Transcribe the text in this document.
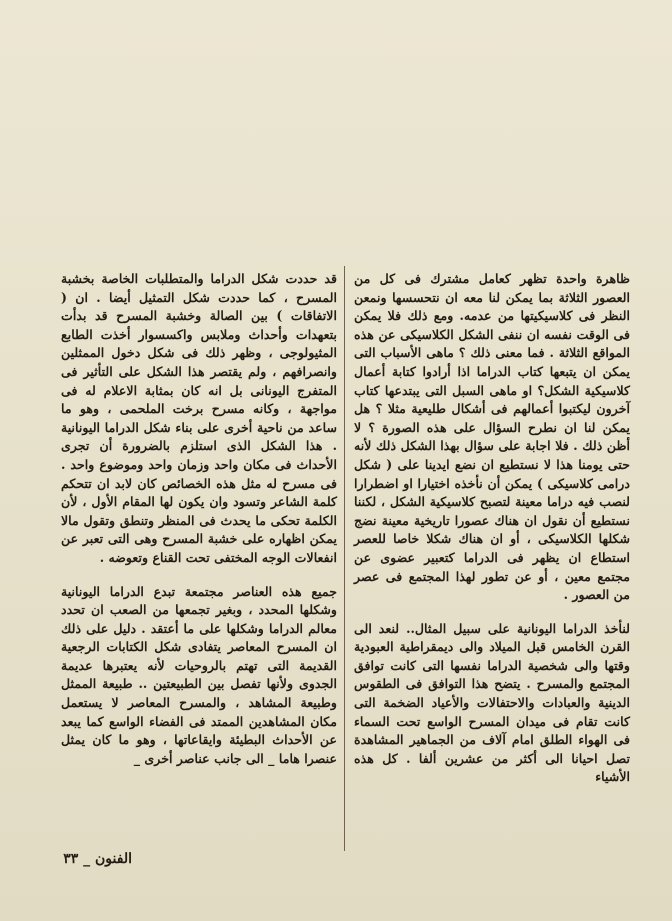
ظاهرة واحدة تظهر كعامل مشترك فى كل من العصور الثلاثة بما يمكن لنا معه ان نتحسسها ونمعن النظر فى كلاسيكيتها من عدمه. ومع ذلك فلا يمكن فى الوقت نفسه ان ننفى الشكل الكلاسيكى عن هذه المواقع الثلاثة . فما معنى ذلك ؟ ماهى الأسباب التى يمكن ان يتبعها كتاب الدراما اذا أرادوا كتابة أعمال كلاسيكية الشكل؟ او ماهى السبل التى يبتدعها كتاب آخرون ليكتبوا أعمالهم فى أشكال طليعية مثلا ؟ هل يمكن لنا ان نطرح السؤال على هذه الصورة ؟ لا أظن ذلك . فلا اجابة على سؤال بهذا الشكل ذلك لأنه حتى يومنا هذا لا نستطيع ان نضع ايدينا على ( شكل درامى كلاسيكى ) يمكن أن نأخذه اختيارا او اضطرارا لنصب فيه دراما معينة لتصبح كلاسيكية الشكل ، لكننا نستطيع أن نقول ان هناك عصورا تاريخية معينة نضج شكلها الكلاسيكى ، أو ان هناك شكلا خاصا للعصر استطاع ان يظهر فى الدراما كتعبير عضوى عن مجتمع معين ، أو عن تطور لهذا المجتمع فى عصر من العصور .

لنأخذ الدراما اليونانية على سبيل المثال.. لنعد الى القرن الخامس قبل الميلاد والى ديمقراطية العبودية وقتها والى شخصية الدراما نفسها التى كانت توافق المجتمع والمسرح . يتضح هذا التوافق فى الطقوس الدينية والعبادات والاحتفالات والأعياد الضخمة التى كانت تقام فى ميدان المسرح الواسع تحت السماء فى الهواء الطلق امام آلاف من الجماهير المشاهدة تصل احيانا الى أكثر من عشرين ألفا . كل هذه الأشياء

قد حددت شكل الدراما والمتطلبات الخاصة بخشبة المسرح ، كما حددت شكل التمثيل أيضا . ان ( الاتفاقات ) بين الصالة وخشبة المسرح قد بدأت بتعهدات وأحداث وملابس واكسسوار أخذت الطابع المثيولوجى ، وظهر ذلك فى شكل دخول الممثلين وانصرافهم ، ولم يقتصر هذا الشكل على التأثير فى المتفرج اليونانى بل انه كان بمثابة الاعلام له فى مواجهة ، وكانه مسرح برخت الملحمى ، وهو ما ساعد من ناحية أخرى على بناء شكل الدراما اليونانية . هذا الشكل الذى استلزم بالضرورة أن تجرى الأحداث فى مكان واحد وزمان واحد وموضوع واحد . فى مسرح له مثل هذه الخصائص كان لابد ان تتحكم كلمة الشاعر وتسود وان يكون لها المقام الأول ، لأن الكلمة تحكى ما يحدث فى المنظر وتنطق وتقول مالا يمكن اظهاره على خشبة المسرح وهى التى تعبر عن انفعالات الوجه المختفى تحت القناع وتعوضه .

جميع هذه العناصر مجتمعة تبدع الدراما اليونانية وشكلها المحدد ، وبغير تجمعها من الصعب ان تحدد معالم الدراما وشكلها على ما أعتقد . دليل على ذلك ان المسرح المعاصر يتفادى شكل الكتابات الرجعية القديمة التى تهتم بالروحيات لأنه يعتبرها عديمة الجدوى ولأنها تفصل بين الطبيعتين .. طبيعة الممثل وطبيعة المشاهد ، والمسرح المعاصر لا يستعمل مكان المشاهدين الممتد فى الفضاء الواسع كما يبعد عن الأحداث البطيئة وايقاعاتها ، وهو ما كان يمثل عنصرا هاما _ الى جانب عناصر أخرى _

الفنون _ ٣٣
